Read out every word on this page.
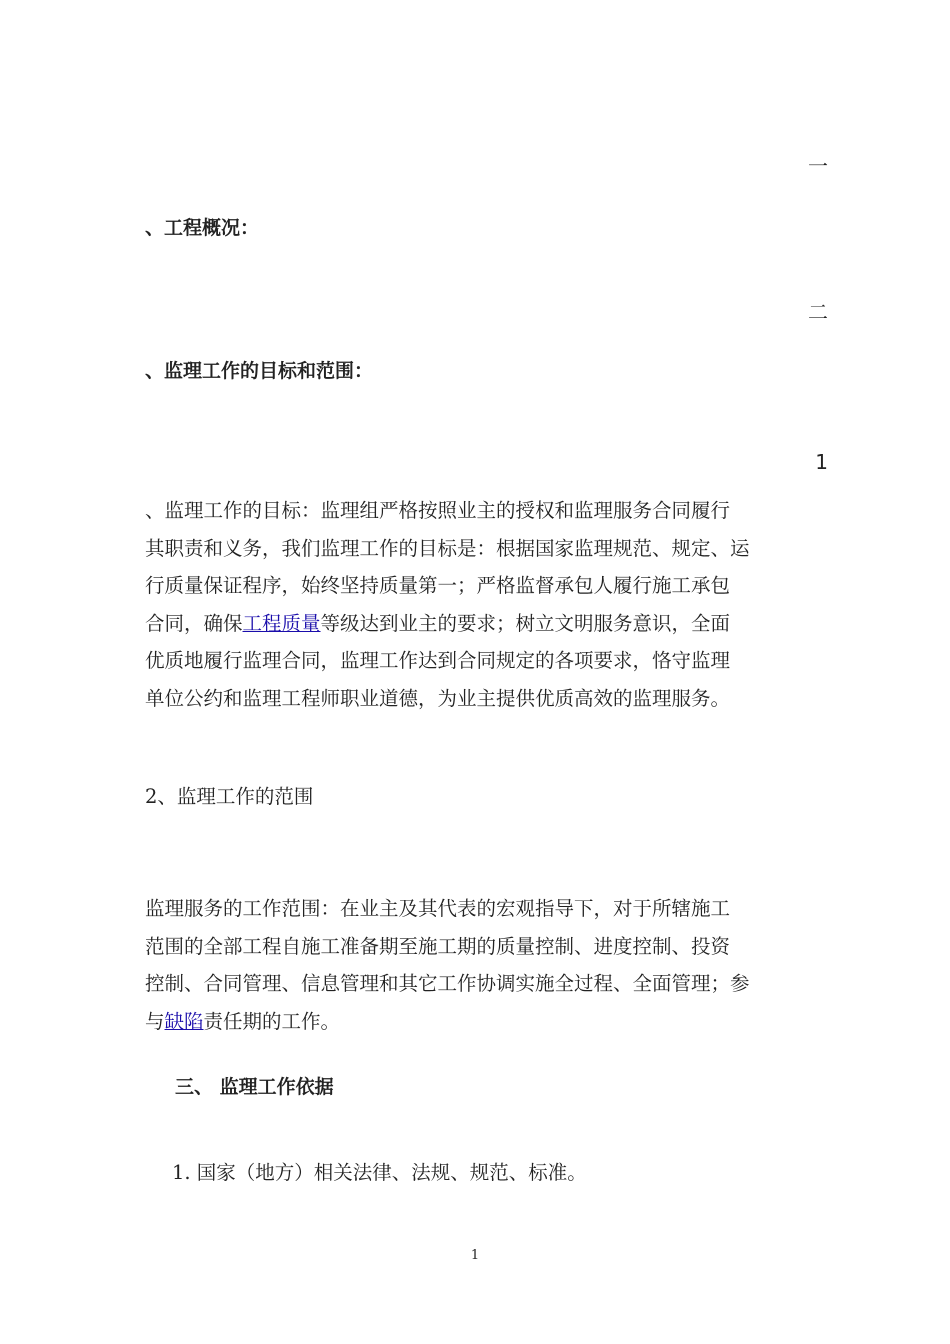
一
、工程概况：
二
、监理工作的目标和范围：
1
、监理工作的目标：监理组严格按照业主的授权和监理服务合同履行
其职责和义务，我们监理工作的目标是：根据国家监理规范、规定、运
行质量保证程序，始终坚持质量第一；严格监督承包人履行施工承包
合同，确保工程质量等级达到业主的要求；树立文明服务意识，全面
优质地履行监理合同，监理工作达到合同规定的各项要求，恪守监理
单位公约和监理工程师职业道德，为业主提供优质高效的监理服务。
2、监理工作的范围
监理服务的工作范围：在业主及其代表的宏观指导下，对于所辖施工
范围的全部工程自施工准备期至施工期的质量控制、进度控制、投资
控制、合同管理、信息管理和其它工作协调实施全过程、全面管理；参
与缺陷责任期的工作。
三、 监理工作依据
1. 国家（地方）相关法律、法规、规范、标准。
1
